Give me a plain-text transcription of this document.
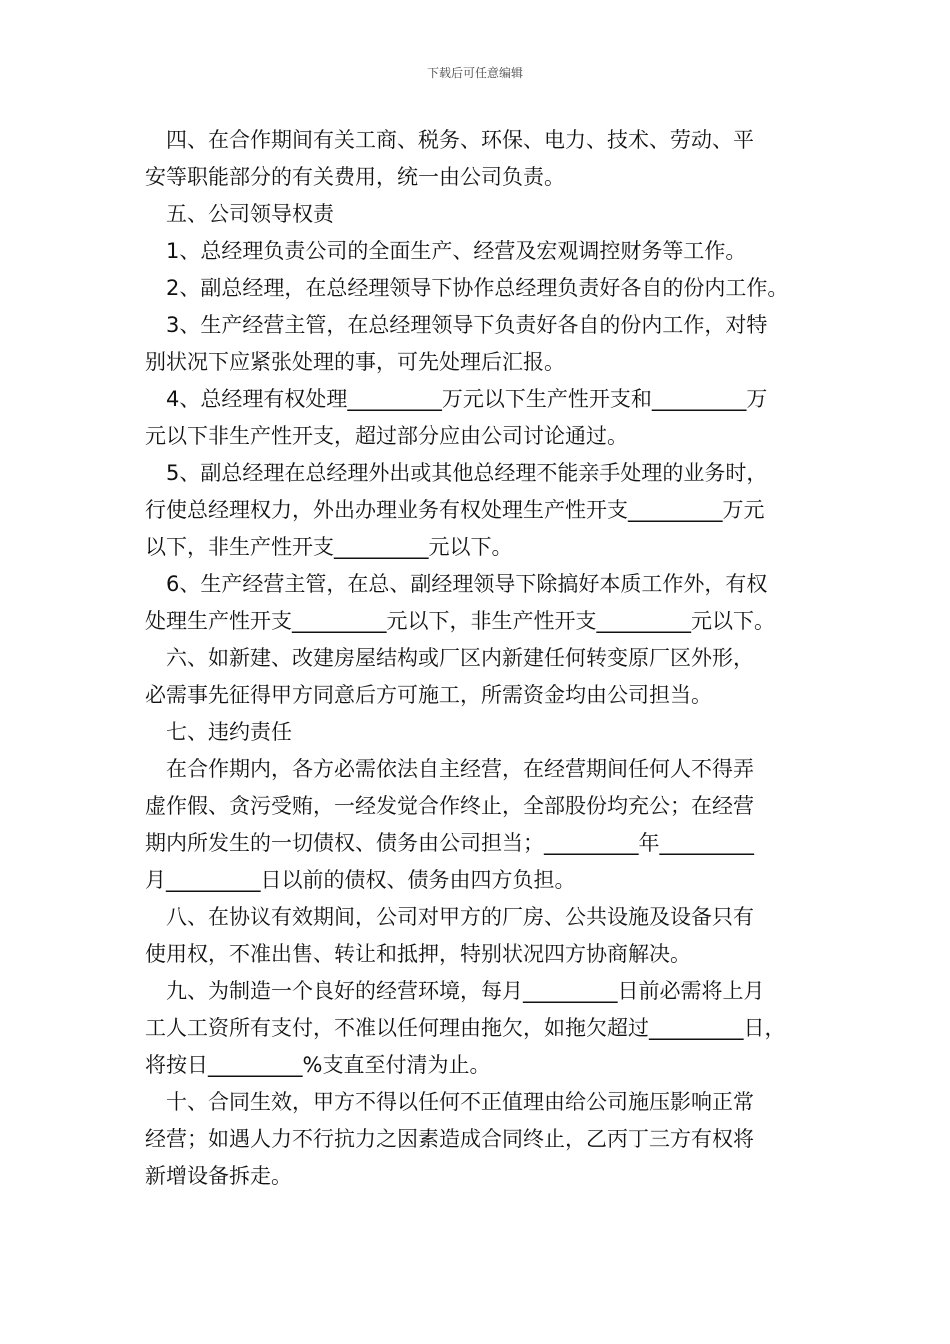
下载后可任意编辑
　四、在合作期间有关工商、税务、环保、电力、技术、劳动、平
安等职能部分的有关费用，统一由公司负责。
　五、公司领导权责
　1、总经理负责公司的全面生产、经营及宏观调控财务等工作。
　2、副总经理，在总经理领导下协作总经理负责好各自的份内工作。
　3、生产经营主管，在总经理领导下负责好各自的份内工作，对特
别状况下应紧张处理的事，可先处理后汇报。
　4、总经理有权处理_________万元以下生产性开支和_________万
元以下非生产性开支，超过部分应由公司讨论通过。
　5、副总经理在总经理外出或其他总经理不能亲手处理的业务时，
行使总经理权力，外出办理业务有权处理生产性开支_________万元
以下，非生产性开支_________元以下。
　6、生产经营主管，在总、副经理领导下除搞好本质工作外，有权
处理生产性开支_________元以下，非生产性开支_________元以下。
　六、如新建、改建房屋结构或厂区内新建任何转变原厂区外形，
必需事先征得甲方同意后方可施工，所需资金均由公司担当。
　七、违约责任
　在合作期内，各方必需依法自主经营，在经营期间任何人不得弄
虚作假、贪污受贿，一经发觉合作终止，全部股份均充公；在经营
期内所发生的一切债权、债务由公司担当；_________年_________
月_________日以前的债权、债务由四方负担。
　八、在协议有效期间，公司对甲方的厂房、公共设施及设备只有
使用权，不准出售、转让和抵押，特别状况四方协商解决。
　九、为制造一个良好的经营环境，每月_________日前必需将上月
工人工资所有支付，不准以任何理由拖欠，如拖欠超过_________日，
将按日_________%支直至付清为止。
　十、合同生效，甲方不得以任何不正值理由给公司施压影响正常
经营；如遇人力不行抗力之因素造成合同终止，乙丙丁三方有权将
新增设备拆走。
